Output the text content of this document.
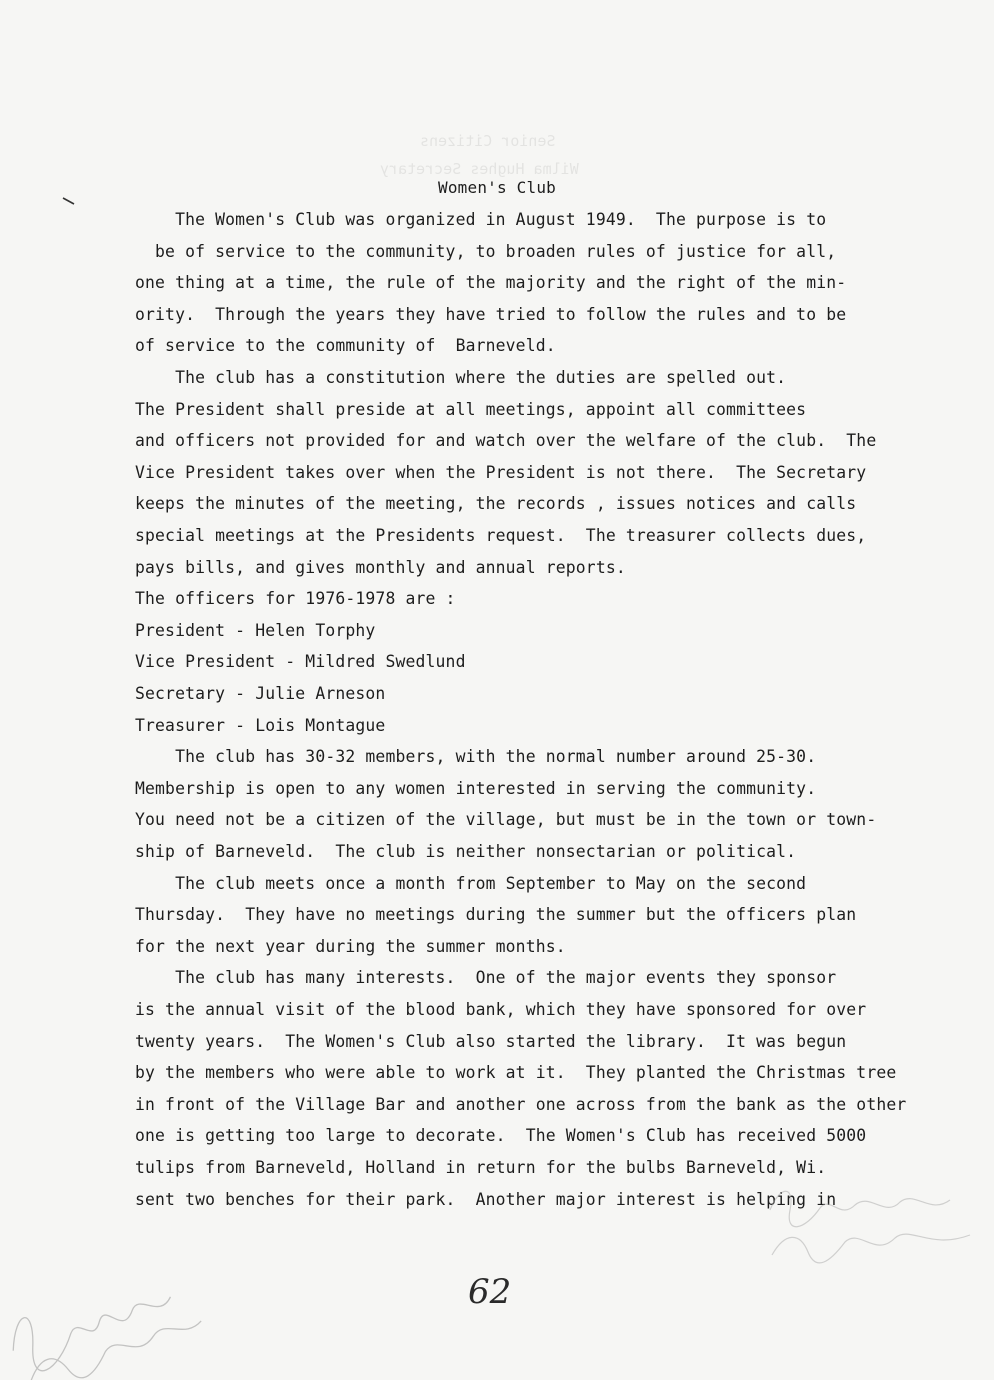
Senior Citizens
Wilma Hughes Secretary
Women's Club
The Women's Club was organized in August 1949.  The purpose is to
be of service to the community, to broaden rules of justice for all,
one thing at a time, the rule of the majority and the right of the min-
ority.  Through the years they have tried to follow the rules and to be
of service to the community of  Barneveld.
The club has a constitution where the duties are spelled out.
The President shall preside at all meetings, appoint all committees
and officers not provided for and watch over the welfare of the club.  The
Vice President takes over when the President is not there.  The Secretary
keeps the minutes of the meeting, the records , issues notices and calls
special meetings at the Presidents request.  The treasurer collects dues,
pays bills, and gives monthly and annual reports.
The officers for 1976-1978 are :
President - Helen Torphy
Vice President - Mildred Swedlund
Secretary - Julie Arneson
Treasurer - Lois Montague
The club has 30-32 members, with the normal number around 25-30.
Membership is open to any women interested in serving the community.
You need not be a citizen of the village, but must be in the town or town-
ship of Barneveld.  The club is neither nonsectarian or political.
The club meets once a month from September to May on the second
Thursday.  They have no meetings during the summer but the officers plan
for the next year during the summer months.
The club has many interests.  One of the major events they sponsor
is the annual visit of the blood bank, which they have sponsored for over
twenty years.  The Women's Club also started the library.  It was begun
by the members who were able to work at it.  They planted the Christmas tree
in front of the Village Bar and another one across from the bank as the other
one is getting too large to decorate.  The Women's Club has received 5000
tulips from Barneveld, Holland in return for the bulbs Barneveld, Wi.
sent two benches for their park.  Another major interest is helping in
62
